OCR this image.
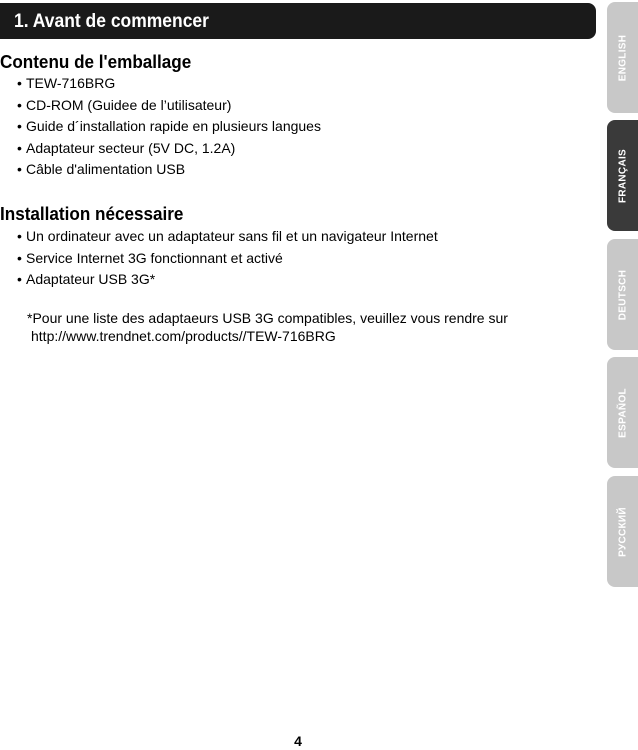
1. Avant de commencer
Contenu de l'emballage
• TEW-716BRG
• CD-ROM (Guidee de l’utilisateur)
• Guide d´installation rapide en plusieurs langues
• Adaptateur secteur (5V DC, 1.2A)
• Câble d'alimentation USB
Installation nécessaire
• Un ordinateur avec un adaptateur sans fil et un navigateur Internet
• Service Internet 3G fonctionnant et activé
• Adaptateur USB 3G*
*Pour une liste des adaptaeurs USB 3G compatibles, veuillez vous rendre sur
http://www.trendnet.com/products//TEW-716BRG
ENGLISH
FRANÇAIS
DEUTSCH
ESPAÑOL
РУССКИЙ
4
